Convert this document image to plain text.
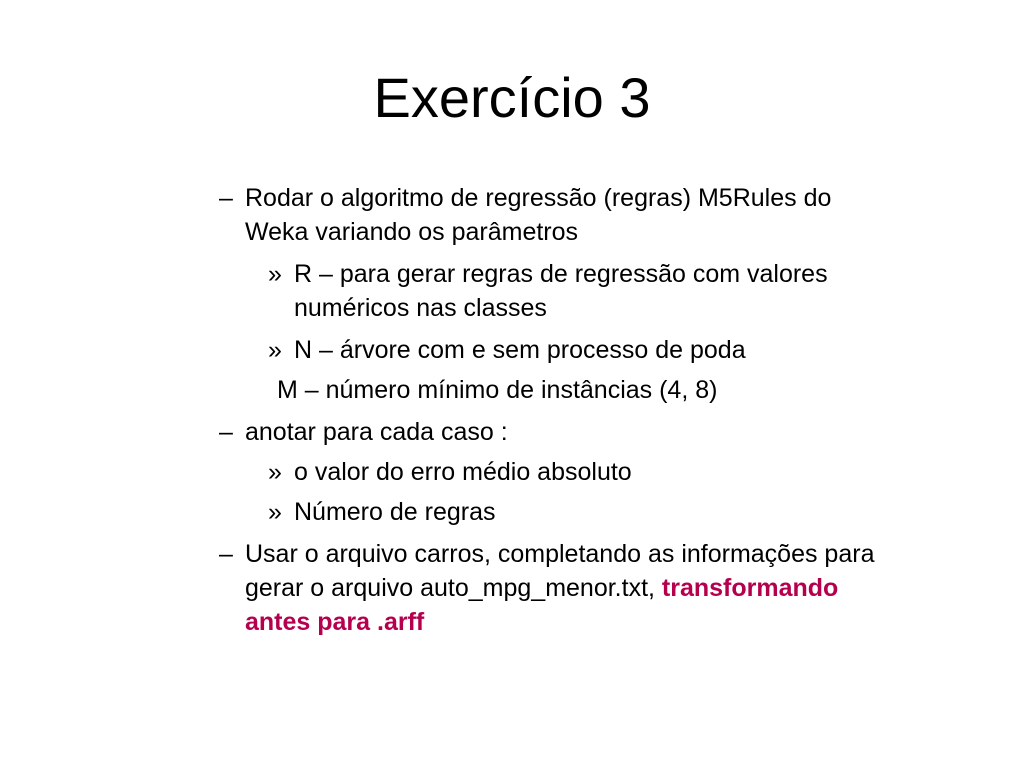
Exercício 3
– Rodar o algoritmo de regressão (regras) M5Rules do
Weka variando os parâmetros
» R – para gerar regras de regressão com valores
numéricos nas classes
» N – árvore com e sem processo de poda
M – número mínimo de instâncias (4, 8)
– anotar para cada caso :
» o valor do erro médio absoluto
» Número de regras
– Usar o arquivo carros, completando as informações para
gerar o arquivo auto_mpg_menor.txt, transformando
antes para .arff
